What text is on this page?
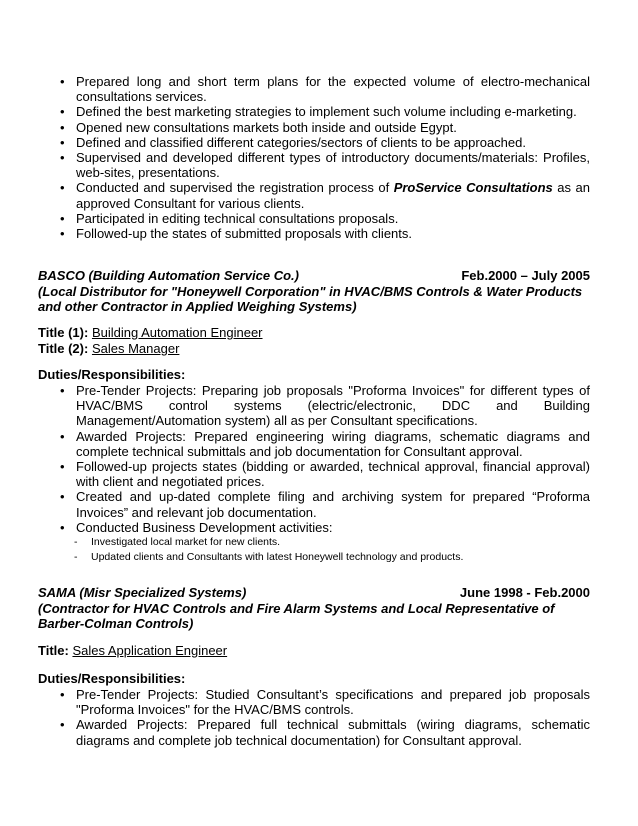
• Prepared long and short term plans for the expected volume of electro-mechanical consultations services.
• Defined the best marketing strategies to implement such volume including e-marketing.
• Opened new consultations markets both inside and outside Egypt.
• Defined and classified different categories/sectors of clients to be approached.
• Supervised and developed different types of introductory documents/materials: Profiles, web-sites, presentations.
• Conducted and supervised the registration process of ProService Consultations as an approved Consultant for various clients.
• Participated in editing technical consultations proposals.
• Followed-up the states of submitted proposals with clients.
BASCO (Building Automation Service Co.)	Feb.2000 – July 2005
(Local Distributor for "Honeywell Corporation" in HVAC/BMS Controls & Water Products and other Contractor in Applied Weighing Systems)
Title (1): Building Automation Engineer
Title (2): Sales Manager
Duties/Responsibilities:
• Pre-Tender Projects: Preparing job proposals "Proforma Invoices" for different types of HVAC/BMS control systems (electric/electronic, DDC and Building Management/Automation system) all as per Consultant specifications.
• Awarded Projects: Prepared engineering wiring diagrams, schematic diagrams and complete technical submittals and job documentation for Consultant approval.
• Followed-up projects states (bidding or awarded, technical approval, financial approval) with client and negotiated prices.
• Created and up-dated complete filing and archiving system for prepared “Proforma Invoices” and relevant job documentation.
• Conducted Business Development activities:
- Investigated local market for new clients.
- Updated clients and Consultants with latest Honeywell technology and products.
SAMA (Misr Specialized Systems)	June 1998 - Feb.2000
(Contractor for HVAC Controls and Fire Alarm Systems and Local Representative of Barber-Colman Controls)
Title: Sales Application Engineer
Duties/Responsibilities:
• Pre-Tender Projects: Studied Consultant’s specifications and prepared job proposals "Proforma Invoices" for the HVAC/BMS controls.
• Awarded Projects: Prepared full technical submittals (wiring diagrams, schematic diagrams and complete job technical documentation) for Consultant approval.
